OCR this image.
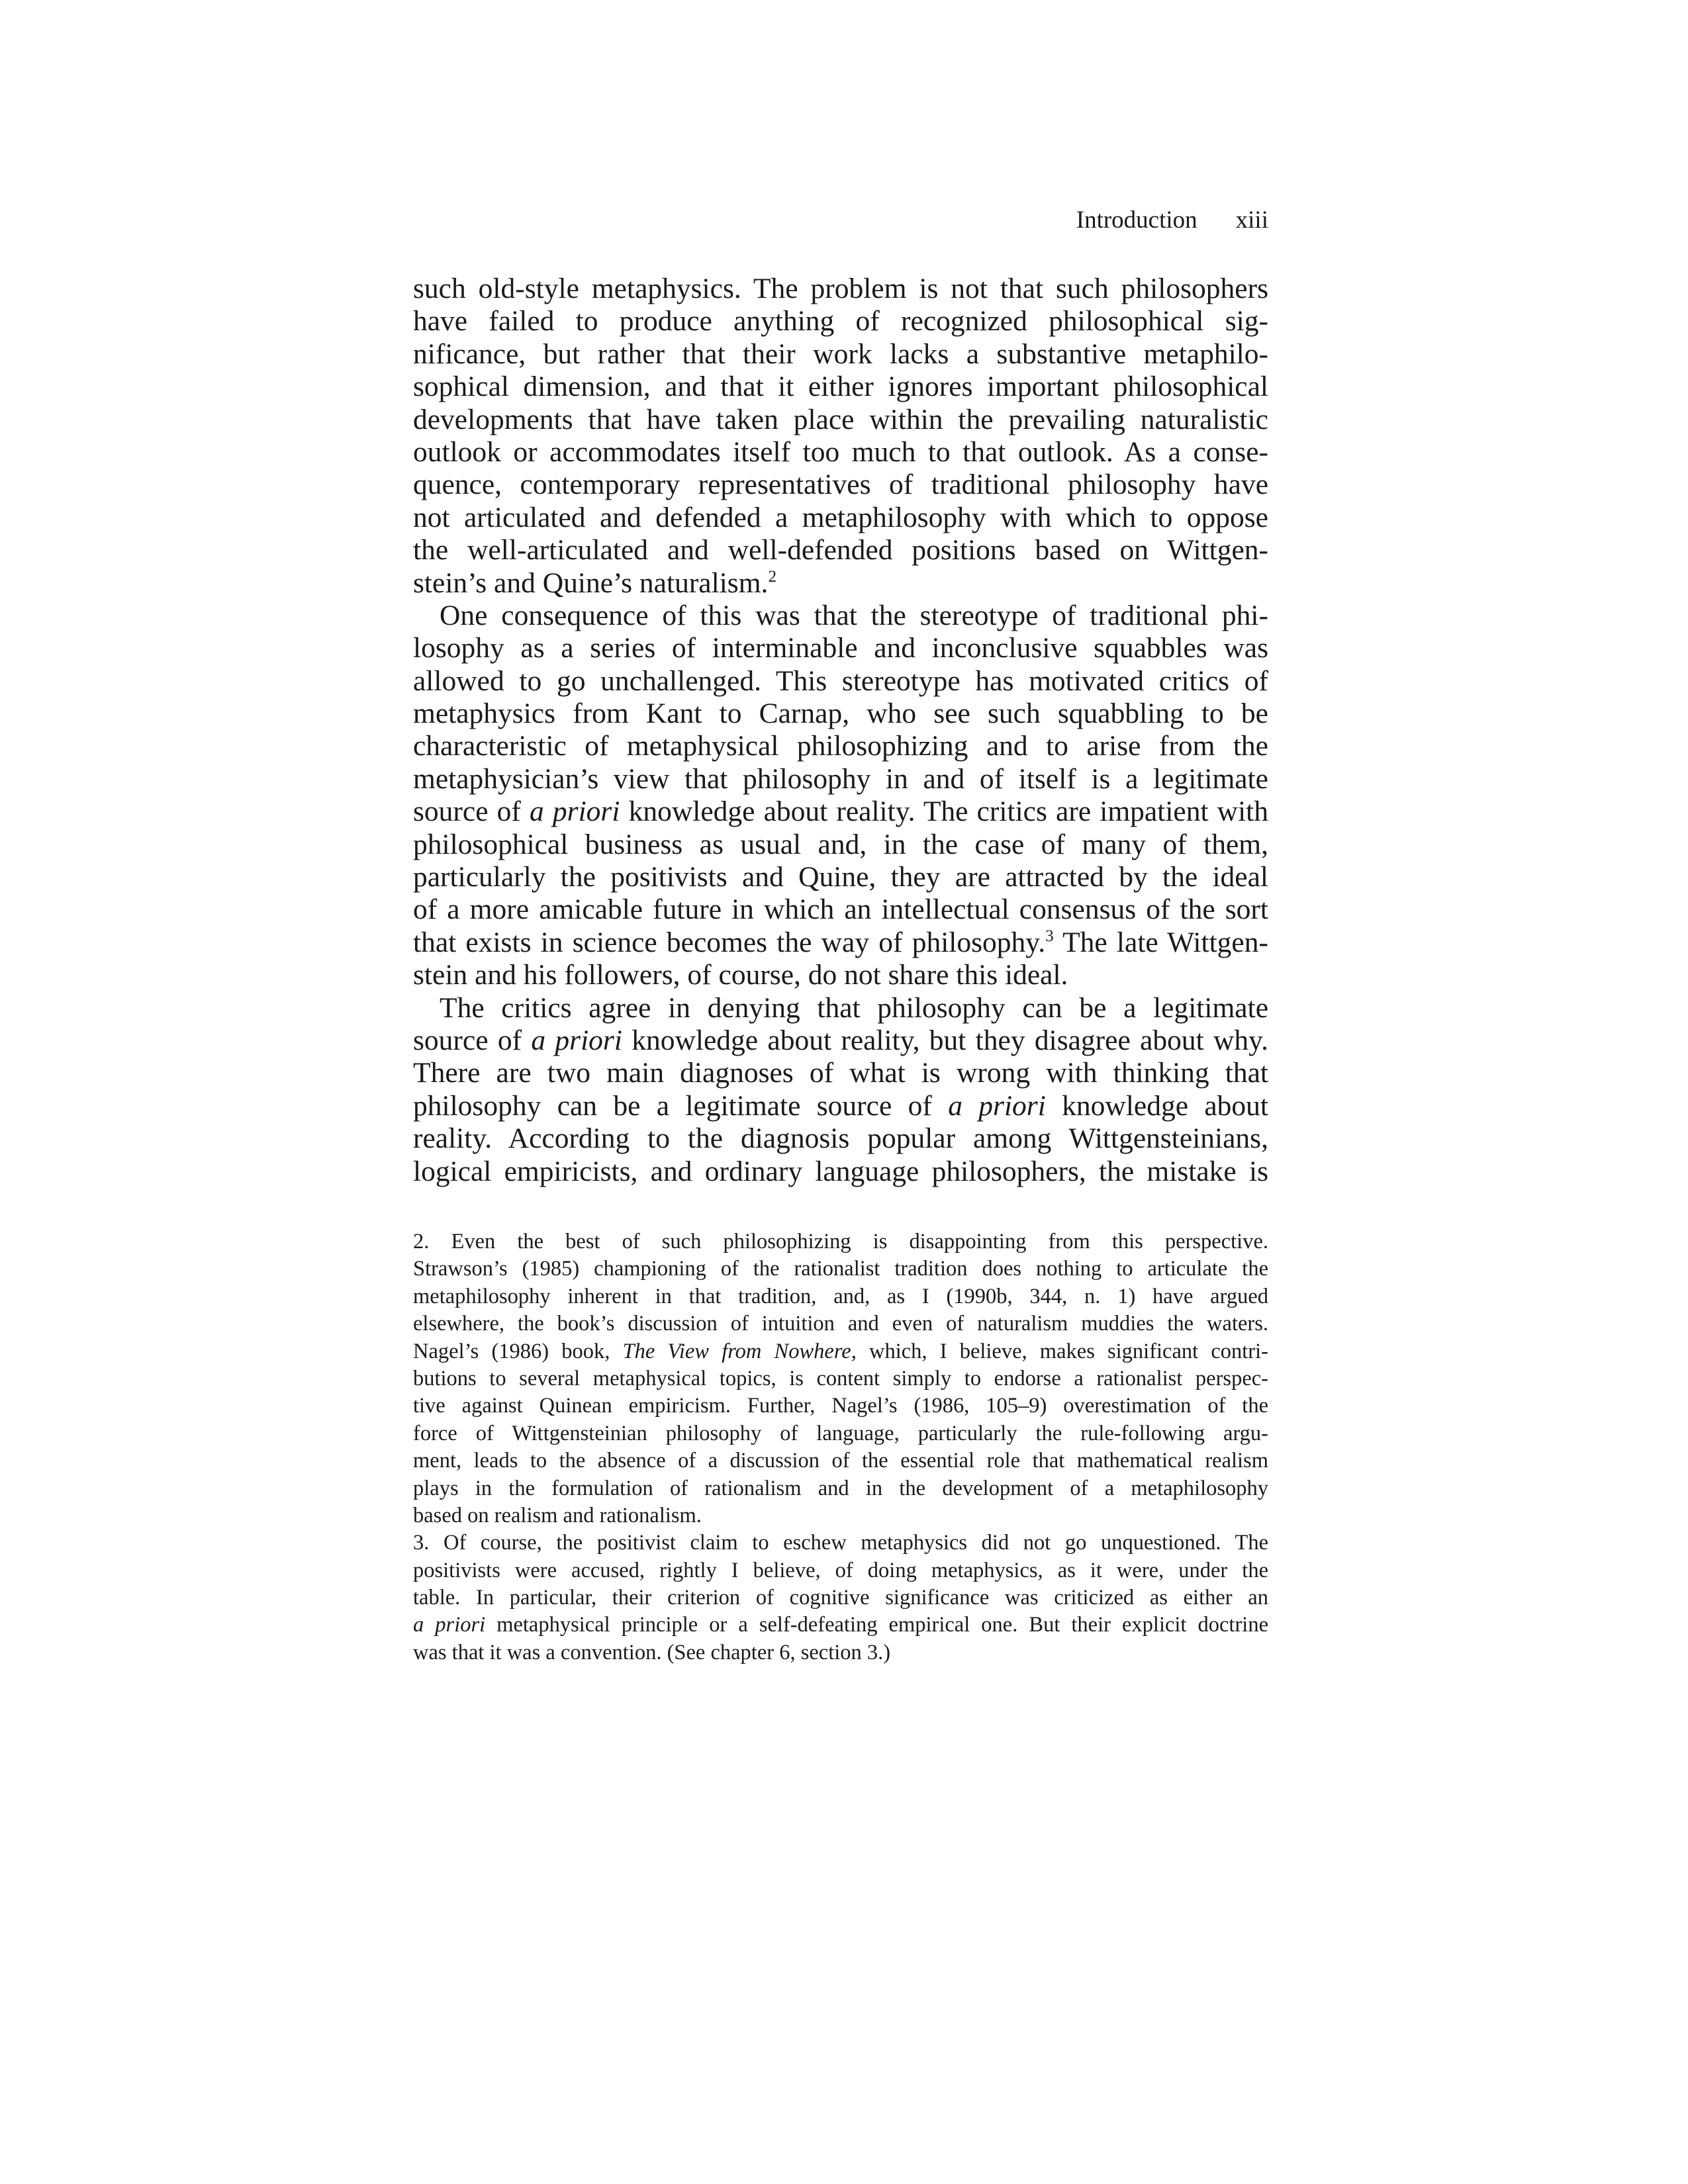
Introduction xiii
such old-style metaphysics. The problem is not that such philosophers
have failed to produce anything of recognized philosophical sig-
nificance, but rather that their work lacks a substantive metaphilo-
sophical dimension, and that it either ignores important philosophical
developments that have taken place within the prevailing naturalistic
outlook or accommodates itself too much to that outlook. As a conse-
quence, contemporary representatives of traditional philosophy have
not articulated and defended a metaphilosophy with which to oppose
the well-articulated and well-defended positions based on Wittgen-
stein’s and Quine’s naturalism.$^2$
One consequence of this was that the stereotype of traditional phi-
losophy as a series of interminable and inconclusive squabbles was
allowed to go unchallenged. This stereotype has motivated critics of
metaphysics from Kant to Carnap, who see such squabbling to be
characteristic of metaphysical philosophizing and to arise from the
metaphysician’s view that philosophy in and of itself is a legitimate
source of a priori knowledge about reality. The critics are impatient with
philosophical business as usual and, in the case of many of them,
particularly the positivists and Quine, they are attracted by the ideal
of a more amicable future in which an intellectual consensus of the sort
that exists in science becomes the way of philosophy.$^3$ The late Wittgen-
stein and his followers, of course, do not share this ideal.
The critics agree in denying that philosophy can be a legitimate
source of a priori knowledge about reality, but they disagree about why.
There are two main diagnoses of what is wrong with thinking that
philosophy can be a legitimate source of a priori knowledge about
reality. According to the diagnosis popular among Wittgensteinians,
logical empiricists, and ordinary language philosophers, the mistake is
2. Even the best of such philosophizing is disappointing from this perspective.
Strawson’s (1985) championing of the rationalist tradition does nothing to articulate the
metaphilosophy inherent in that tradition, and, as I (1990b, 344, n. 1) have argued
elsewhere, the book’s discussion of intuition and even of naturalism muddies the waters.
Nagel’s (1986) book, The View from Nowhere, which, I believe, makes significant contri-
butions to several metaphysical topics, is content simply to endorse a rationalist perspec-
tive against Quinean empiricism. Further, Nagel’s (1986, 105–9) overestimation of the
force of Wittgensteinian philosophy of language, particularly the rule-following argu-
ment, leads to the absence of a discussion of the essential role that mathematical realism
plays in the formulation of rationalism and in the development of a metaphilosophy
based on realism and rationalism.
3. Of course, the positivist claim to eschew metaphysics did not go unquestioned. The
positivists were accused, rightly I believe, of doing metaphysics, as it were, under the
table. In particular, their criterion of cognitive significance was criticized as either an
a priori metaphysical principle or a self-defeating empirical one. But their explicit doctrine
was that it was a convention. (See chapter 6, section 3.)
